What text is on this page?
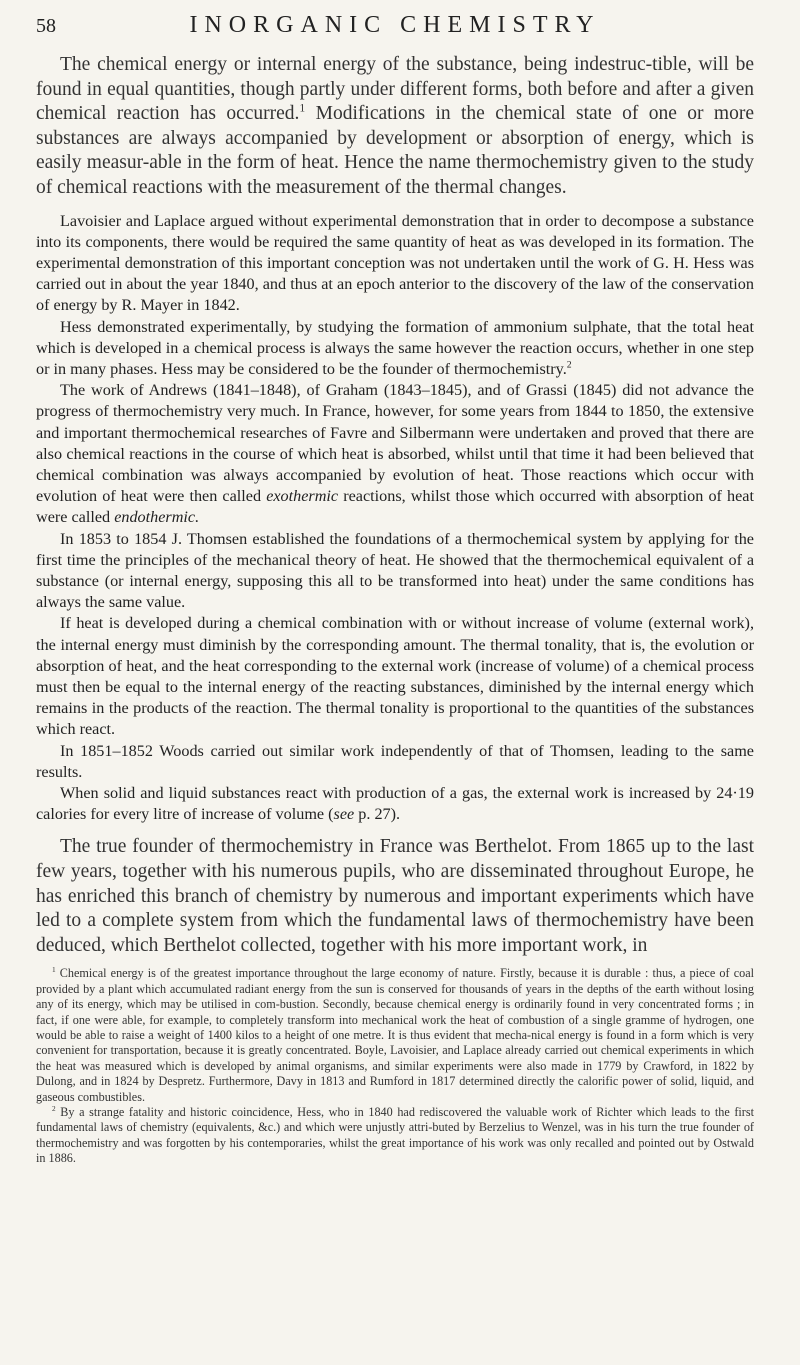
58	INORGANIC CHEMISTRY

The chemical energy or internal energy of the substance, being indestruc-tible, will be found in equal quantities, though partly under different forms, both before and after a given chemical reaction has occurred.$^1$ Modifications in the chemical state of one or more substances are always accompanied by development or absorption of energy, which is easily measur-able in the form of heat. Hence the name thermochemistry given to the study of chemical reactions with the measurement of the thermal changes.

Lavoisier and Laplace argued without experimental demonstration that in order to decompose a substance into its components, there would be required the same quantity of heat as was developed in its formation. The experimental demonstration of this important conception was not undertaken until the work of G. H. Hess was carried out in about the year 1840, and thus at an epoch anterior to the discovery of the law of the conservation of energy by R. Mayer in 1842.

Hess demonstrated experimentally, by studying the formation of ammonium sulphate, that the total heat which is developed in a chemical process is always the same however the reaction occurs, whether in one step or in many phases. Hess may be considered to be the founder of thermochemistry.$^2$

The work of Andrews (1841–1848), of Graham (1843–1845), and of Grassi (1845) did not advance the progress of thermochemistry very much. In France, however, for some years from 1844 to 1850, the extensive and important thermochemical researches of Favre and Silbermann were undertaken and proved that there are also chemical reactions in the course of which heat is absorbed, whilst until that time it had been believed that chemical combination was always accompanied by evolution of heat. Those reactions which occur with evolution of heat were then called exothermic reactions, whilst those which occurred with absorption of heat were called endothermic.

In 1853 to 1854 J. Thomsen established the foundations of a thermochemical system by applying for the first time the principles of the mechanical theory of heat. He showed that the thermochemical equivalent of a substance (or internal energy, supposing this all to be transformed into heat) under the same conditions has always the same value.

If heat is developed during a chemical combination with or without increase of volume (external work), the internal energy must diminish by the corresponding amount. The thermal tonality, that is, the evolution or absorption of heat, and the heat corresponding to the external work (increase of volume) of a chemical process must then be equal to the internal energy of the reacting substances, diminished by the internal energy which remains in the products of the reaction. The thermal tonality is proportional to the quantities of the substances which react.

In 1851–1852 Woods carried out similar work independently of that of Thomsen, leading to the same results.

When solid and liquid substances react with production of a gas, the external work is increased by 24·19 calories for every litre of increase of volume (see p. 27).

The true founder of thermochemistry in France was Berthelot. From 1865 up to the last few years, together with his numerous pupils, who are disseminated throughout Europe, he has enriched this branch of chemistry by numerous and important experiments which have led to a complete system from which the fundamental laws of thermochemistry have been deduced, which Berthelot collected, together with his more important work, in

$^1$ Chemical energy is of the greatest importance throughout the large economy of nature. Firstly, because it is durable : thus, a piece of coal provided by a plant which accumulated radiant energy from the sun is conserved for thousands of years in the depths of the earth without losing any of its energy, which may be utilised in com-bustion. Secondly, because chemical energy is ordinarily found in very concentrated forms ; in fact, if one were able, for example, to completely transform into mechanical work the heat of combustion of a single gramme of hydrogen, one would be able to raise a weight of 1400 kilos to a height of one metre. It is thus evident that mecha-nical energy is found in a form which is very convenient for transportation, because it is greatly concentrated. Boyle, Lavoisier, and Laplace already carried out chemical experiments in which the heat was measured which is developed by animal organisms, and similar experiments were also made in 1779 by Crawford, in 1822 by Dulong, and in 1824 by Despretz. Furthermore, Davy in 1813 and Rumford in 1817 determined directly the calorific power of solid, liquid, and gaseous combustibles.

$^2$ By a strange fatality and historic coincidence, Hess, who in 1840 had rediscovered the valuable work of Richter which leads to the first fundamental laws of chemistry (equivalents, &c.) and which were unjustly attri-buted by Berzelius to Wenzel, was in his turn the true founder of thermochemistry and was forgotten by his contemporaries, whilst the great importance of his work was only recalled and pointed out by Ostwald in 1886.
